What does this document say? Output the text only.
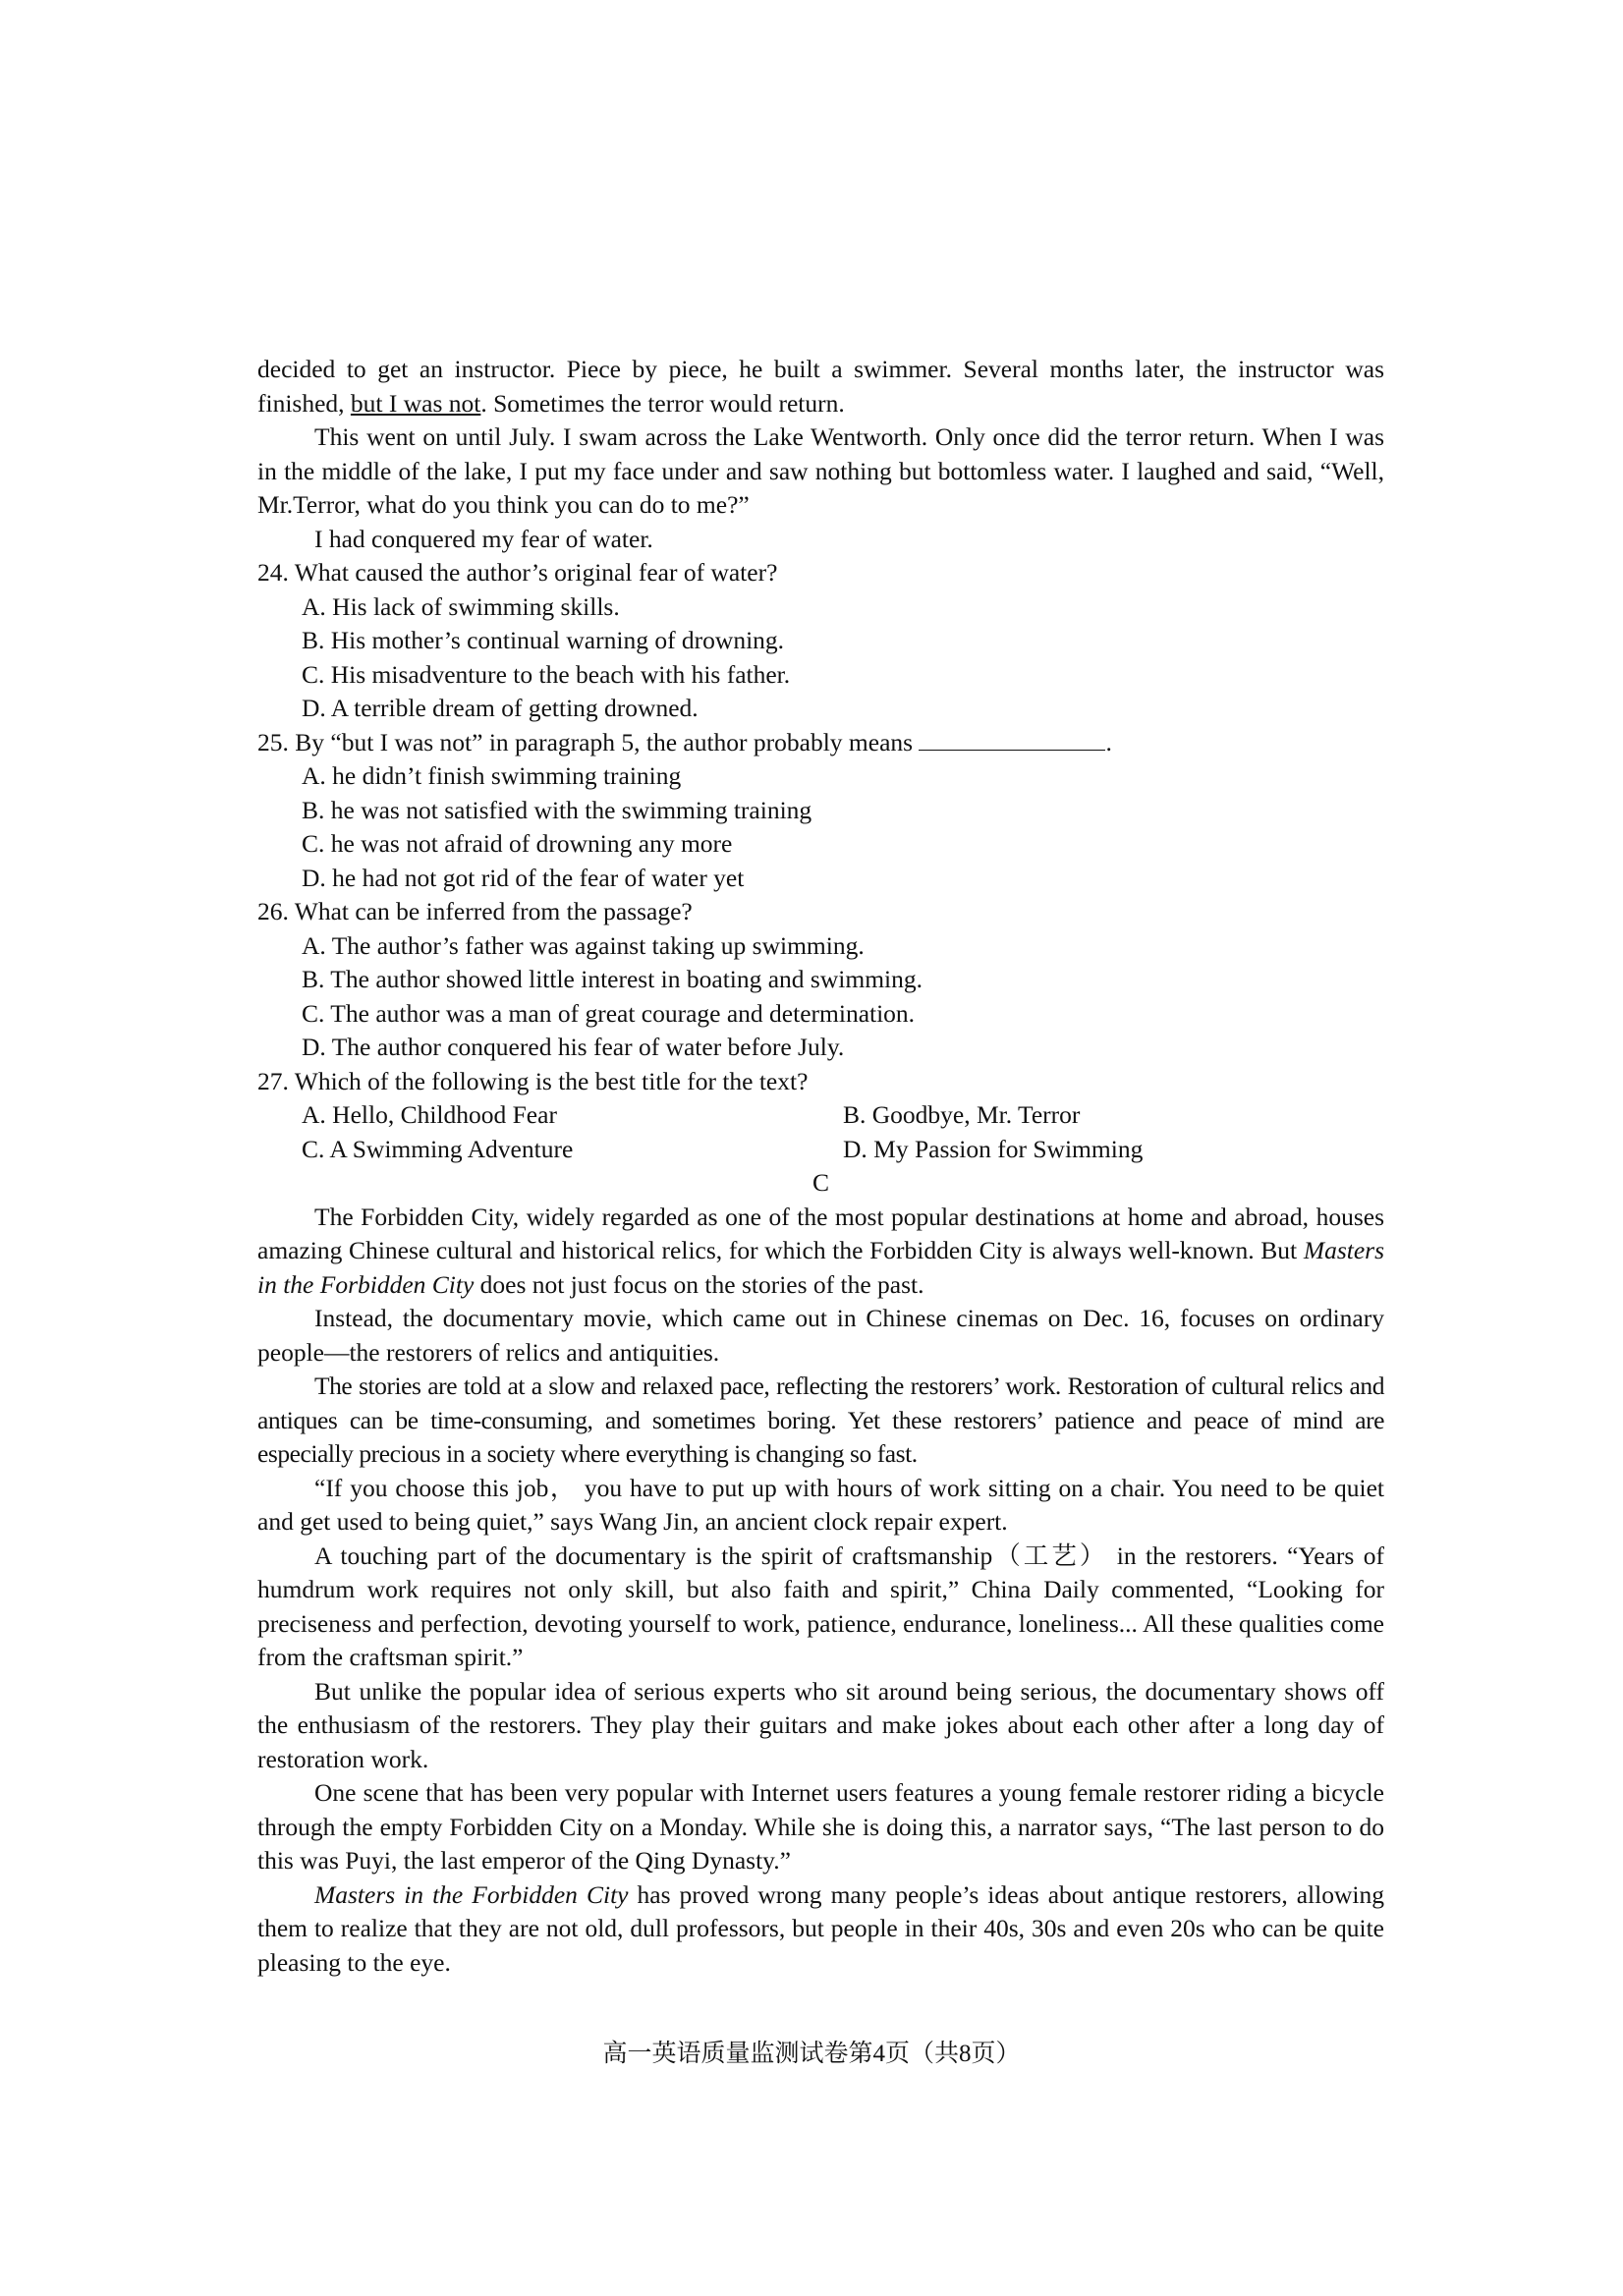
decided to get an instructor. Piece by piece, he built a swimmer. Several months later, the instructor was finished, but I was not. Sometimes the terror would return.

This went on until July. I swam across the Lake Wentworth. Only once did the terror return. When I was in the middle of the lake, I put my face under and saw nothing but bottomless water. I laughed and said, “Well, Mr.Terror, what do you think you can do to me?”

I had conquered my fear of water.

24. What caused the author’s original fear of water?

A. His lack of swimming skills.

B. His mother’s continual warning of drowning.

C. His misadventure to the beach with his father.

D. A terrible dream of getting drowned.

25. By “but I was not” in paragraph 5, the author probably means	.

A. he didn’t finish swimming training

B. he was not satisfied with the swimming training

C. he was not afraid of drowning any more

D. he had not got rid of the fear of water yet

26. What can be inferred from the passage?

A. The author’s father was against taking up swimming.

B. The author showed little interest in boating and swimming.

C. The author was a man of great courage and determination.

D. The author conquered his fear of water before July.

27. Which of the following is the best title for the text?

A. Hello, Childhood Fear	B. Goodbye, Mr. Terror
C. A Swimming Adventure	D. My Passion for Swimming

C

The Forbidden City, widely regarded as one of the most popular destinations at home and abroad, houses amazing Chinese cultural and historical relics, for which the Forbidden City is always well-known. But Masters in the Forbidden City does not just focus on the stories of the past.

Instead, the documentary movie, which came out in Chinese cinemas on Dec. 16, focuses on ordinary people—the restorers of relics and antiquities.

The stories are told at a slow and relaxed pace, reflecting the restorers’ work. Restoration of cultural relics and antiques can be time-consuming, and sometimes boring. Yet these restorers’ patience and peace of mind are especially precious in a society where everything is changing so fast.

“If you choose this job， you have to put up with hours of work sitting on a chair. You need to be quiet and get used to being quiet,” says Wang Jin, an ancient clock repair expert.

A touching part of the documentary is the spirit of craftsmanship（工艺） in the restorers. “Years of humdrum work requires not only skill, but also faith and spirit,” China Daily commented, “Looking for preciseness and perfection, devoting yourself to work, patience, endurance, loneliness... All these qualities come from the craftsman spirit.”

But unlike the popular idea of serious experts who sit around being serious, the documentary shows off the enthusiasm of the restorers. They play their guitars and make jokes about each other after a long day of restoration work.

One scene that has been very popular with Internet users features a young female restorer riding a bicycle through the empty Forbidden City on a Monday. While she is doing this, a narrator says, “The last person to do this was Puyi, the last emperor of the Qing Dynasty.”

Masters in the Forbidden City has proved wrong many people’s ideas about antique restorers, allowing them to realize that they are not old, dull professors, but people in their 40s, 30s and even 20s who can be quite pleasing to the eye.

高一英语质量监测试卷第4页（共8页）
